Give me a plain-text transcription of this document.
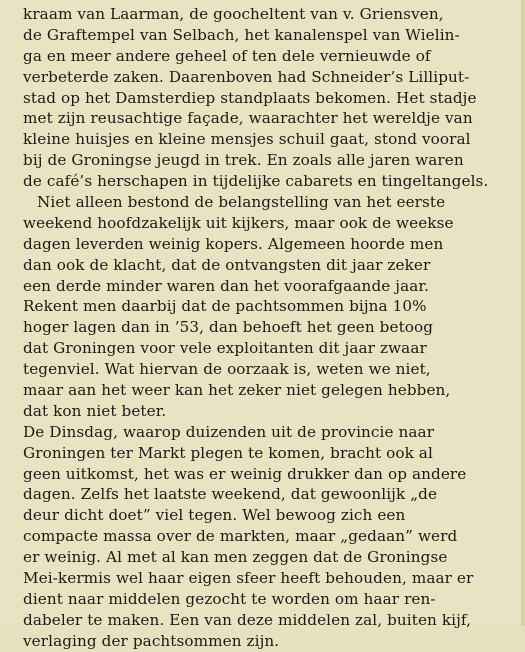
kraam van Laarman, de goocheltent van v. Griensven,
de Graftempel van Selbach, het kanalenspel van Wielin-
ga en meer andere geheel of ten dele vernieuwde of
verbeterde zaken. Daarenboven had Schneider’s Lilliput-
stad op het Damsterdiep standplaats bekomen. Het stadje
met zijn reusachtige façade, waarachter het wereldje van
kleine huisjes en kleine mensjes schuil gaat, stond vooral
bij de Groningse jeugd in trek. En zoals alle jaren waren
de café’s herschapen in tijdelijke cabarets en tingeltangels.
Niet alleen bestond de belangstelling van het eerste
weekend hoofdzakelijk uit kijkers, maar ook de weekse
dagen leverden weinig kopers. Algemeen hoorde men
dan ook de klacht, dat de ontvangsten dit jaar zeker
een derde minder waren dan het voorafgaande jaar.
Rekent men daarbij dat de pachtsommen bijna 10%
hoger lagen dan in ’53, dan behoeft het geen betoog
dat Groningen voor vele exploitanten dit jaar zwaar
tegenviel. Wat hiervan de oorzaak is, weten we niet,
maar aan het weer kan het zeker niet gelegen hebben,
dat kon niet beter.
De Dinsdag, waarop duizenden uit de provincie naar
Groningen ter Markt plegen te komen, bracht ook al
geen uitkomst, het was er weinig drukker dan op andere
dagen. Zelfs het laatste weekend, dat gewoonlijk „de
deur dicht doet” viel tegen. Wel bewoog zich een
compacte massa over de markten, maar „gedaan” werd
er weinig. Al met al kan men zeggen dat de Groningse
Mei-kermis wel haar eigen sfeer heeft behouden, maar er
dient naar middelen gezocht te worden om haar ren-
dabeler te maken. Een van deze middelen zal, buiten kijf,
verlaging der pachtsommen zijn.
